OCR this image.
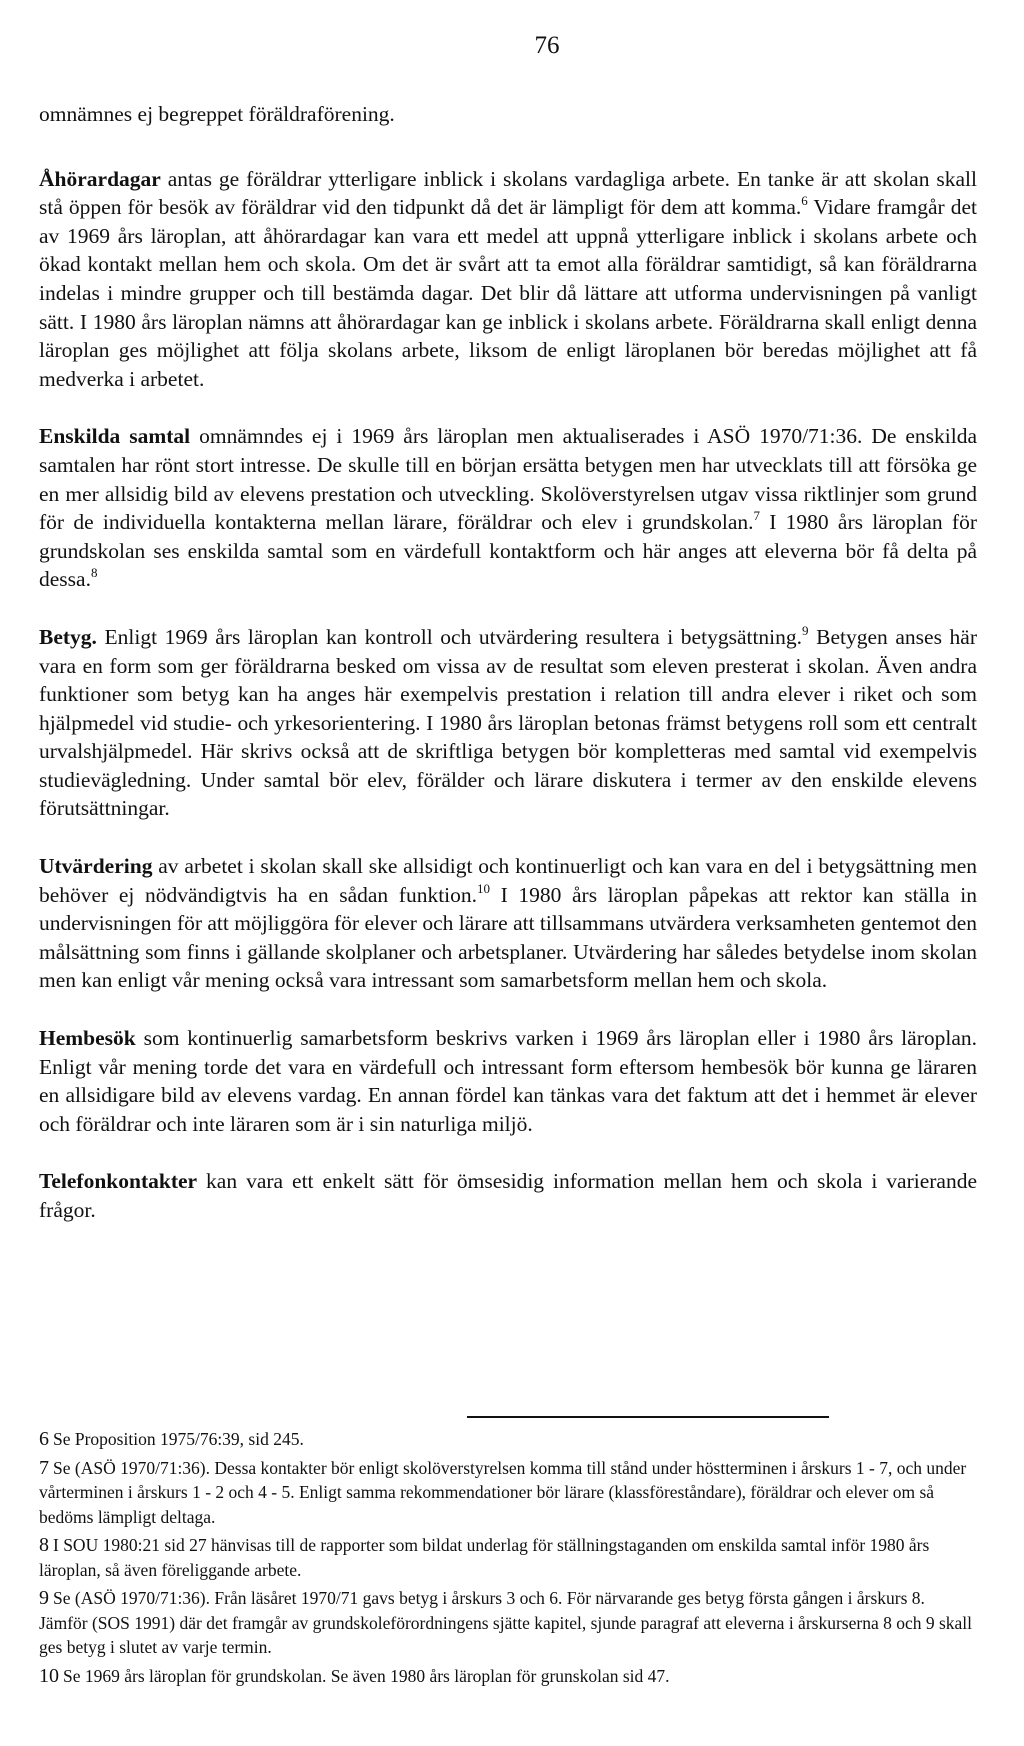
76

omnämnes ej begreppet föräldraförening.

Åhörardagar antas ge föräldrar ytterligare inblick i skolans vardagliga arbete. En tanke är att skolan skall stå öppen för besök av föräldrar vid den tidpunkt då det är lämpligt för dem att komma.$^6$ Vidare framgår det av 1969 års läroplan, att åhörardagar kan vara ett medel att uppnå ytterligare inblick i skolans arbete och ökad kontakt mellan hem och skola. Om det är svårt att ta emot alla föräldrar samtidigt, så kan föräldrarna indelas i mindre grupper och till bestämda dagar. Det blir då lättare att utforma undervisningen på vanligt sätt. I 1980 års läroplan nämns att åhörardagar kan ge inblick i skolans arbete. Föräldrarna skall enligt denna läroplan ges möjlighet att följa skolans arbete, liksom de enligt läroplanen bör beredas möjlighet att få medverka i arbetet.

Enskilda samtal omnämndes ej i 1969 års läroplan men aktualiserades i ASÖ 1970/71:36. De enskilda samtalen har rönt stort intresse. De skulle till en början ersätta betygen men har utvecklats till att försöka ge en mer allsidig bild av elevens prestation och utveckling. Skolöverstyrelsen utgav vissa riktlinjer som grund för de individuella kontakterna mellan lärare, föräldrar och elev i grundskolan.$^7$ I 1980 års läroplan för grundskolan ses enskilda samtal som en värdefull kontaktform och här anges att eleverna bör få delta på dessa.$^8$

Betyg. Enligt 1969 års läroplan kan kontroll och utvärdering resultera i betygsättning.$^9$ Betygen anses här vara en form som ger föräldrarna besked om vissa av de resultat som eleven presterat i skolan. Även andra funktioner som betyg kan ha anges här exempelvis prestation i relation till andra elever i riket och som hjälpmedel vid studie- och yrkesorientering. I 1980 års läroplan betonas främst betygens roll som ett centralt urvalshjälpmedel. Här skrivs också att de skriftliga betygen bör kompletteras med samtal vid exempelvis studievägledning. Under samtal bör elev, förälder och lärare diskutera i termer av den enskilde elevens förutsättningar.

Utvärdering av arbetet i skolan skall ske allsidigt och kontinuerligt och kan vara en del i betygsättning men behöver ej nödvändigtvis ha en sådan funktion.$^{10}$ I 1980 års läroplan påpekas att rektor kan ställa in undervisningen för att möjliggöra för elever och lärare att tillsammans utvärdera verksamheten gentemot den målsättning som finns i gällande skolplaner och arbetsplaner. Utvärdering har således betydelse inom skolan men kan enligt vår mening också vara intressant som samarbetsform mellan hem och skola.

Hembesök som kontinuerlig samarbetsform beskrivs varken i 1969 års läroplan eller i 1980 års läroplan. Enligt vår mening torde det vara en värdefull och intressant form eftersom hembesök bör kunna ge läraren en allsidigare bild av elevens vardag. En annan fördel kan tänkas vara det faktum att det i hemmet är elever och föräldrar och inte läraren som är i sin naturliga miljö.

Telefonkontakter kan vara ett enkelt sätt för ömsesidig information mellan hem och skola i varierande frågor.

6 Se Proposition 1975/76:39, sid 245.
7 Se (ASÖ 1970/71:36). Dessa kontakter bör enligt skolöverstyrelsen komma till stånd under höstterminen i årskurs 1 - 7, och under vårterminen i årskurs 1 - 2 och 4 - 5. Enligt samma rekommendationer bör lärare (klassföreståndare), föräldrar och elever om så bedöms lämpligt deltaga.
8 I SOU 1980:21 sid 27 hänvisas till de rapporter som bildat underlag för ställningstaganden om enskilda samtal inför 1980 års läroplan, så även föreliggande arbete.
9 Se (ASÖ 1970/71:36). Från läsåret 1970/71 gavs betyg i årskurs 3 och 6. För närvarande ges betyg första gången i årskurs 8. Jämför (SOS 1991) där det framgår av grundskoleförordningens sjätte kapitel, sjunde paragraf att eleverna i årskurserna 8 och 9 skall ges betyg i slutet av varje termin.
10 Se 1969 års läroplan för grundskolan. Se även 1980 års läroplan för grunskolan sid 47.
